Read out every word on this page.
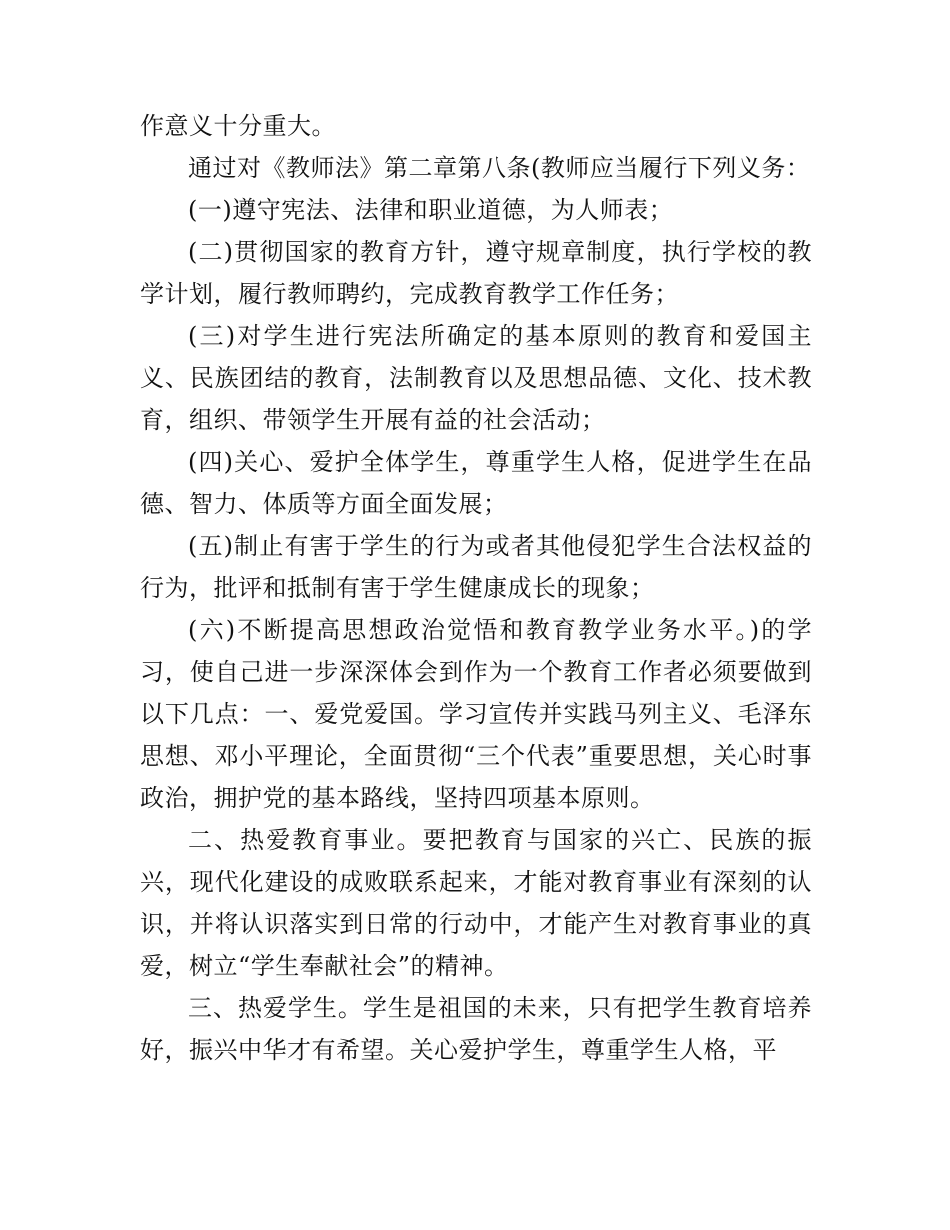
作意义十分重大。

通过对《教师法》第二章第八条(教师应当履行下列义务：

(一)遵守宪法、法律和职业道德，为人师表；

(二)贯彻国家的教育方针，遵守规章制度，执行学校的教学计划，履行教师聘约，完成教育教学工作任务；

(三)对学生进行宪法所确定的基本原则的教育和爱国主义、民族团结的教育，法制教育以及思想品德、文化、技术教育，组织、带领学生开展有益的社会活动；

(四)关心、爱护全体学生，尊重学生人格，促进学生在品德、智力、体质等方面全面发展；

(五)制止有害于学生的行为或者其他侵犯学生合法权益的行为，批评和抵制有害于学生健康成长的现象；

(六)不断提高思想政治觉悟和教育教学业务水平。)的学习，使自己进一步深深体会到作为一个教育工作者必须要做到以下几点：一、爱党爱国。学习宣传并实践马列主义、毛泽东思想、邓小平理论，全面贯彻“三个代表”重要思想，关心时事政治，拥护党的基本路线，坚持四项基本原则。

二、热爱教育事业。要把教育与国家的兴亡、民族的振兴，现代化建设的成败联系起来，才能对教育事业有深刻的认识，并将认识落实到日常的行动中，才能产生对教育事业的真爱，树立“学生奉献社会”的精神。

三、热爱学生。学生是祖国的未来，只有把学生教育培养好，振兴中华才有希望。关心爱护学生，尊重学生人格，平
